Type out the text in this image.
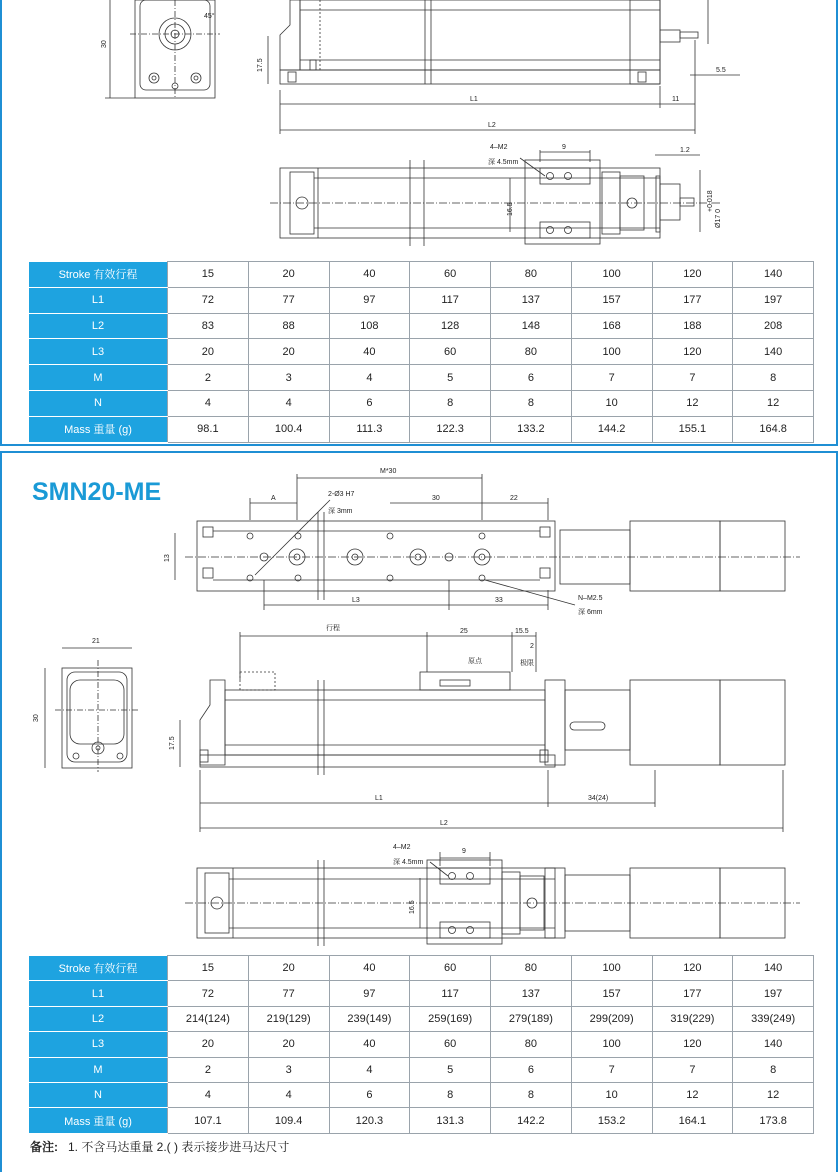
45°
30
17.5	5.5
11
L1
L2
4–M2
深 4.5mm
9	1.2
16.5	+0.018
Ø17 0
Stroke 有效行程	15	20	40	60	80	100	120	140
L1	72	77	97	117	137	157	177	197
L2	83	88	108	128	148	168	188	208
L3	20	20	40	60	80	100	120	140
M	2	3	4	5	6	7	7	8
N	4	4	6	8	8	10	12	12
Mass 重量 (g)	98.1	100.4	111.3	122.3	133.2	144.2	155.1	164.8
SMN20-ME
M*30
A
2-Ø3 H7
深 3mm
30	22
13
L3	33	N–M2.5
深 6mm
行程	25	15.5
2
原点	极限
21
30
17.5
L1	34(24)
L2
4–M2
深 4.5mm
9
16.5
Stroke 有效行程	15	20	40	60	80	100	120	140
L1	72	77	97	117	137	157	177	197
L2	214(124)	219(129)	239(149)	259(169)	279(189)	299(209)	319(229)	339(249)
L3	20	20	40	60	80	100	120	140
M	2	3	4	5	6	7	7	8
N	4	4	6	8	8	10	12	12
Mass 重量 (g)	107.1	109.4	120.3	131.3	142.2	153.2	164.1	173.8
备注: 1. 不含马达重量 2.( ) 表示接步进马达尺寸
